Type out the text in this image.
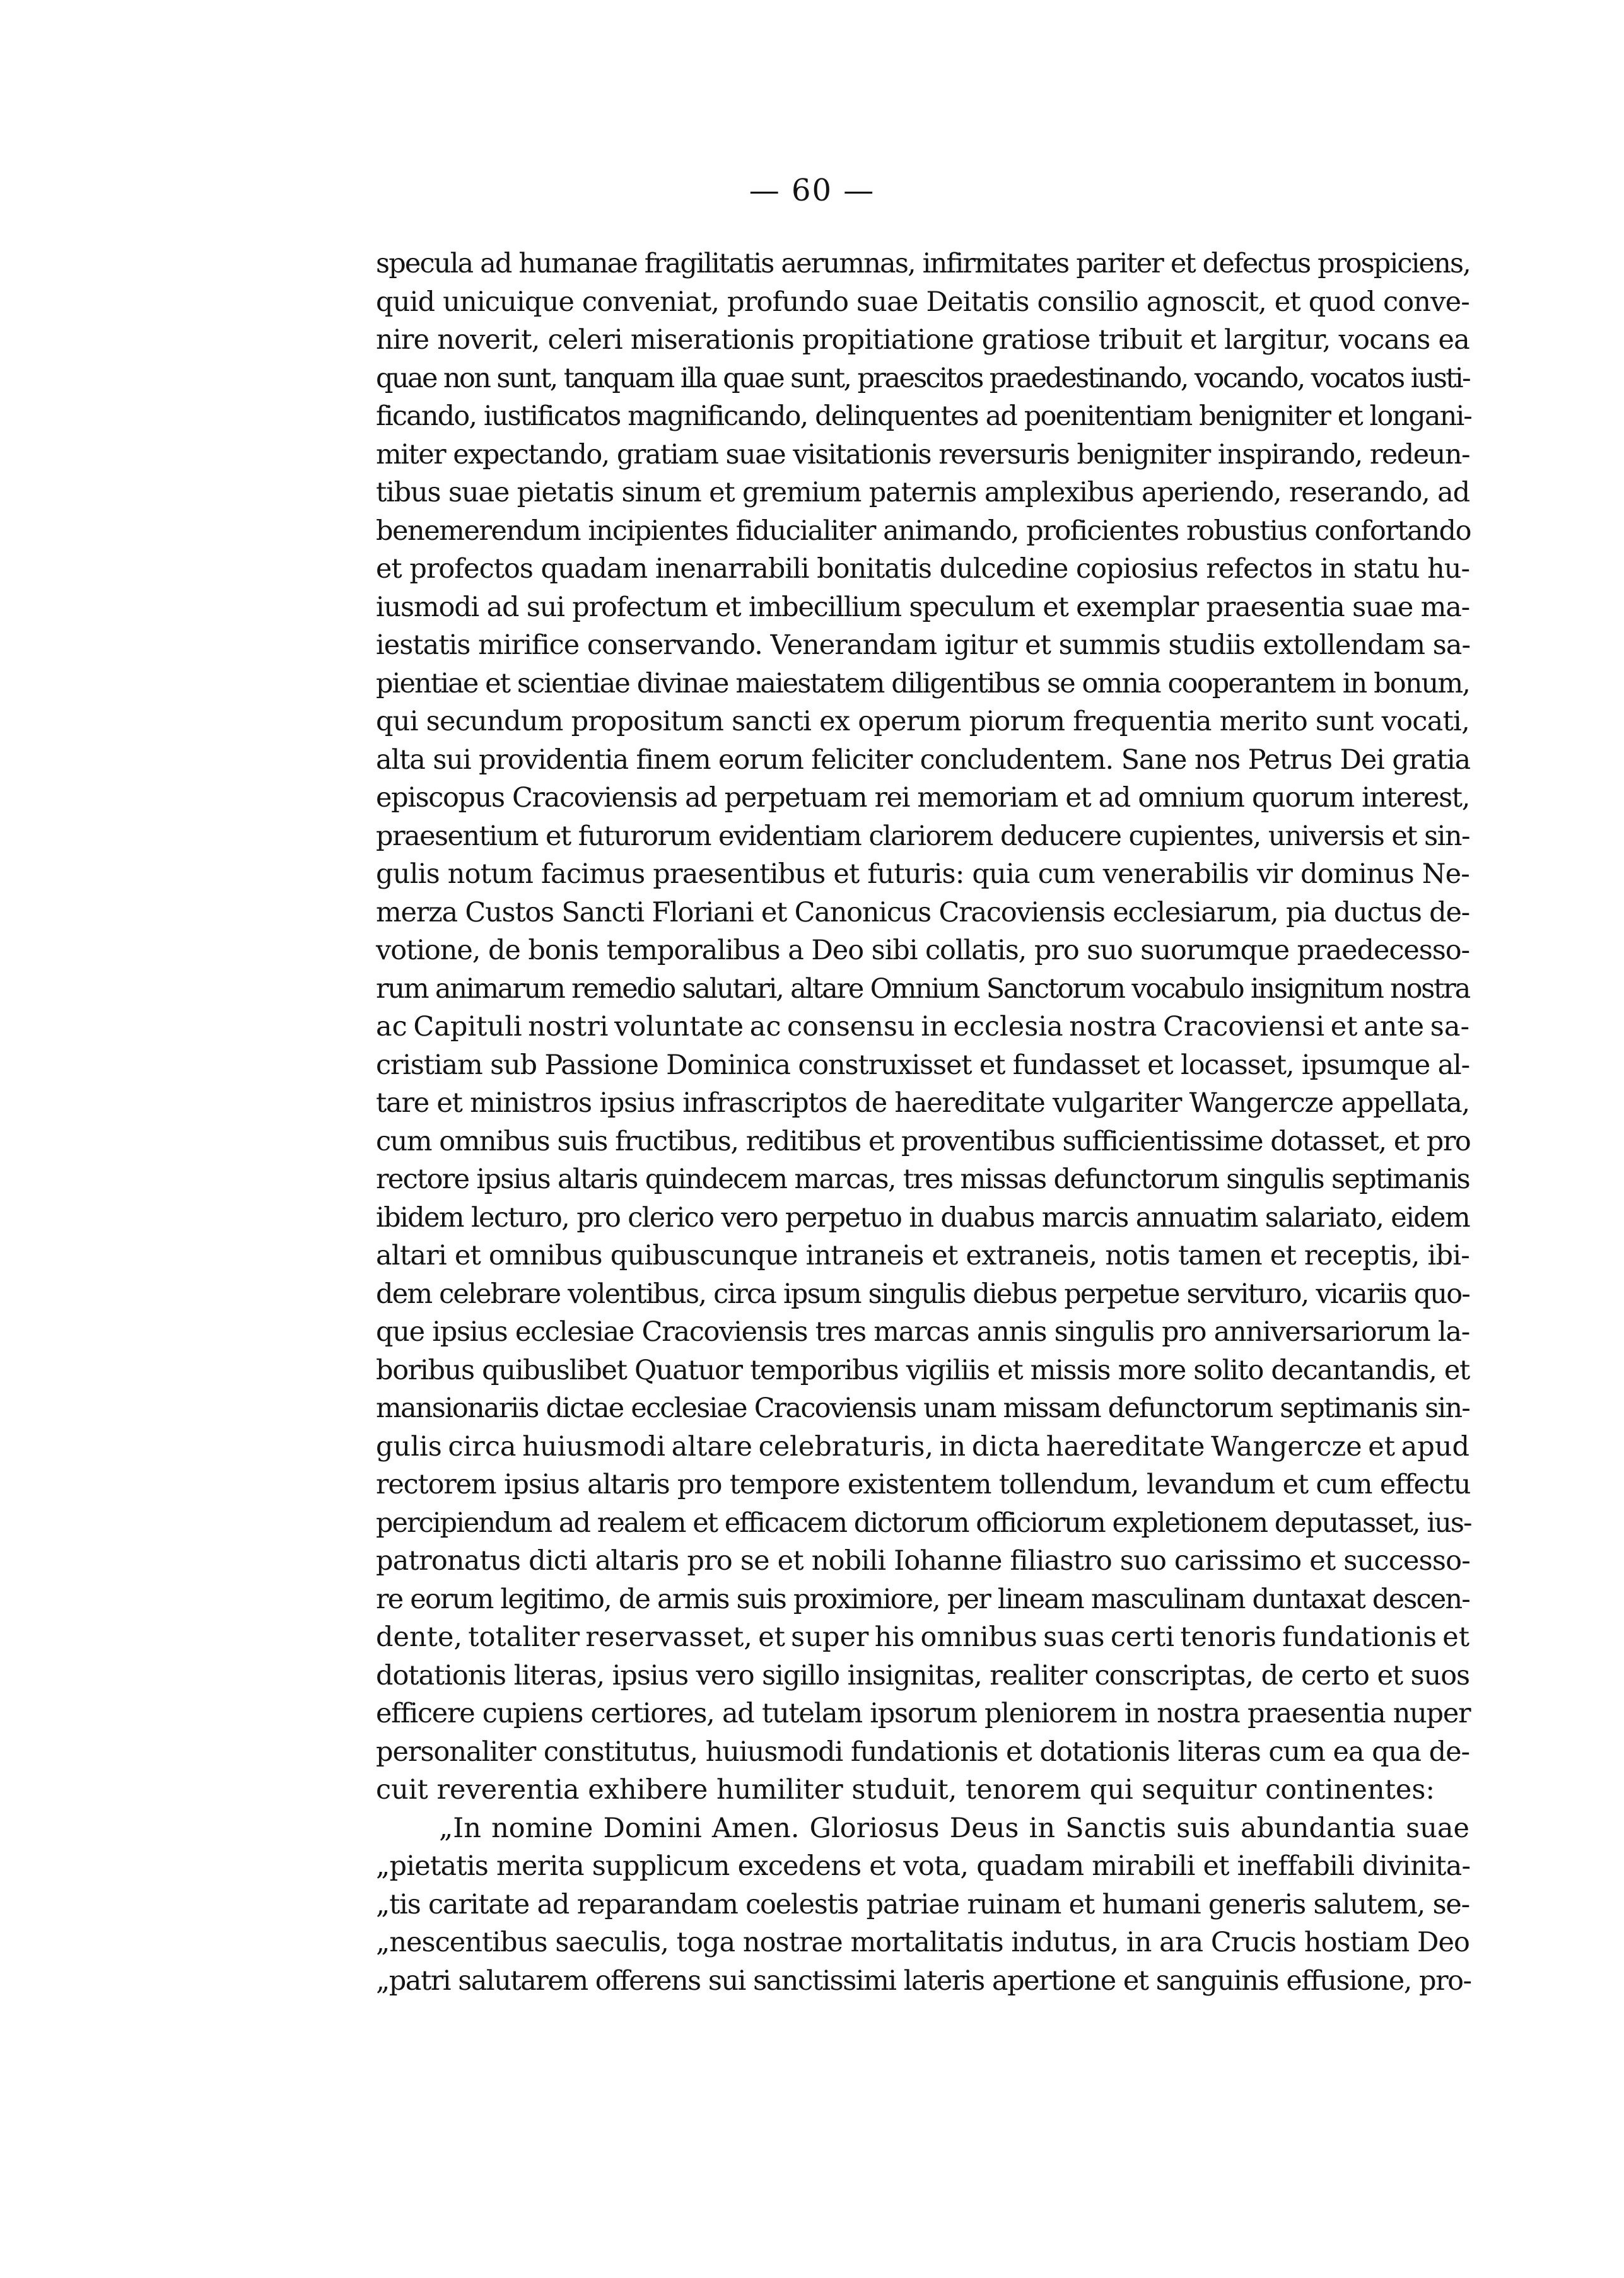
— 60 —
specula ad humanae fragilitatis aerumnas, infirmitates pariter et defectus prospiciens,
quid unicuique conveniat, profundo suae Deitatis consilio agnoscit, et quod conve-
nire noverit, celeri miserationis propitiatione gratiose tribuit et largitur, vocans ea
quae non sunt, tanquam illa quae sunt, praescitos praedestinando, vocando, vocatos iusti-
ficando, iustificatos magnificando, delinquentes ad poenitentiam benigniter et longani-
miter expectando, gratiam suae visitationis reversuris benigniter inspirando, redeun-
tibus suae pietatis sinum et gremium paternis amplexibus aperiendo, reserando, ad
benemerendum incipientes fiducialiter animando, proficientes robustius confortando
et profectos quadam inenarrabili bonitatis dulcedine copiosius refectos in statu hu-
iusmodi ad sui profectum et imbecillium speculum et exemplar praesentia suae ma-
iestatis mirifice conservando. Venerandam igitur et summis studiis extollendam sa-
pientiae et scientiae divinae maiestatem diligentibus se omnia cooperantem in bonum,
qui secundum propositum sancti ex operum piorum frequentia merito sunt vocati,
alta sui providentia finem eorum feliciter concludentem. Sane nos Petrus Dei gratia
episcopus Cracoviensis ad perpetuam rei memoriam et ad omnium quorum interest,
praesentium et futurorum evidentiam clariorem deducere cupientes, universis et sin-
gulis notum facimus praesentibus et futuris: quia cum venerabilis vir dominus Ne-
merza Custos Sancti Floriani et Canonicus Cracoviensis ecclesiarum, pia ductus de-
votione, de bonis temporalibus a Deo sibi collatis, pro suo suorumque praedecesso-
rum animarum remedio salutari, altare Omnium Sanctorum vocabulo insignitum nostra
ac Capituli nostri voluntate ac consensu in ecclesia nostra Cracoviensi et ante sa-
cristiam sub Passione Dominica construxisset et fundasset et locasset, ipsumque al-
tare et ministros ipsius infrascriptos de haereditate vulgariter Wangercze appellata,
cum omnibus suis fructibus, reditibus et proventibus sufficientissime dotasset, et pro
rectore ipsius altaris quindecem marcas, tres missas defunctorum singulis septimanis
ibidem lecturo, pro clerico vero perpetuo in duabus marcis annuatim salariato, eidem
altari et omnibus quibuscunque intraneis et extraneis, notis tamen et receptis, ibi-
dem celebrare volentibus, circa ipsum singulis diebus perpetue servituro, vicariis quo-
que ipsius ecclesiae Cracoviensis tres marcas annis singulis pro anniversariorum la-
boribus quibuslibet Quatuor temporibus vigiliis et missis more solito decantandis, et
mansionariis dictae ecclesiae Cracoviensis unam missam defunctorum septimanis sin-
gulis circa huiusmodi altare celebraturis, in dicta haereditate Wangercze et apud
rectorem ipsius altaris pro tempore existentem tollendum, levandum et cum effectu
percipiendum ad realem et efficacem dictorum officiorum expletionem deputasset, ius-
patronatus dicti altaris pro se et nobili Iohanne filiastro suo carissimo et successo-
re eorum legitimo, de armis suis proximiore, per lineam masculinam duntaxat descen-
dente, totaliter reservasset, et super his omnibus suas certi tenoris fundationis et
dotationis literas, ipsius vero sigillo insignitas, realiter conscriptas, de certo et suos
efficere cupiens certiores, ad tutelam ipsorum pleniorem in nostra praesentia nuper
personaliter constitutus, huiusmodi fundationis et dotationis literas cum ea qua de-
cuit reverentia exhibere humiliter studuit, tenorem qui sequitur continentes:
„In nomine Domini Amen. Gloriosus Deus in Sanctis suis abundantia suae
„pietatis merita supplicum excedens et vota, quadam mirabili et ineffabili divinita-
„tis caritate ad reparandam coelestis patriae ruinam et humani generis salutem, se-
„nescentibus saeculis, toga nostrae mortalitatis indutus, in ara Crucis hostiam Deo
„patri salutarem offerens sui sanctissimi lateris apertione et sanguinis effusione, pro-
